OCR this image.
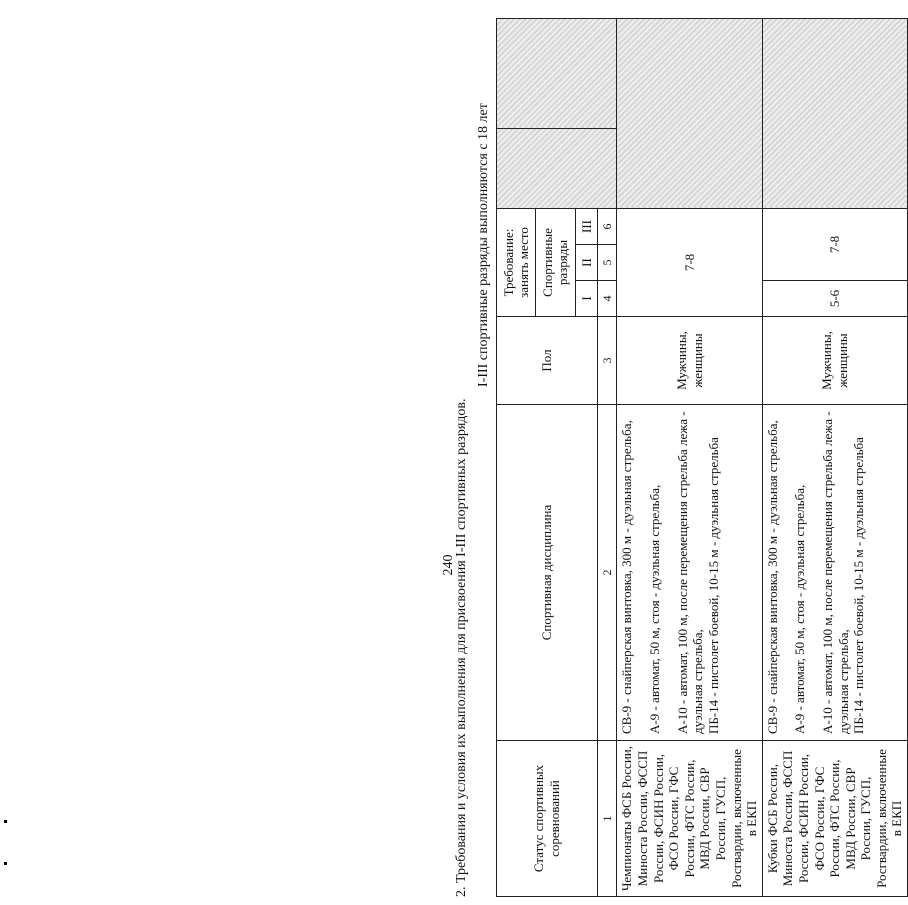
240
2. Требования и условия их выполнения для присвоения I-III спортивных разрядов.
I-III спортивные разряды выполняются с 18 лет
Статус спортивных соревнований	Спортивная дисциплина	Пол	Требование: занять место				
			Спортивные разряды				
			I	II	III		
1	2	3	4	5	6		
Чемпионаты ФСБ России, Миноста России, ФССП России, ФСИН России, ФСО России, ГФС России, ФТС России, МВД России, СВР России, ГУСП, Росгвардии, включенные в ЕКП	СВ-9 - снайперская винтовка, 300 м - дуэльная стрельба, А-9 - автомат, 50 м, стоя - дуэльная стрельба, А-10 - автомат, 100 м, после перемещения стрельба лежа - дуэльная стрельба, ПБ-14 - пистолет боевой, 10-15 м - дуэльная стрельба	Мужчины, женщины	7-8				
Кубки ФСБ России, Миноста России, ФССП России, ФСИН России, ФСО России, ГФС России, ФТС России, МВД России, СВР России, ГУСП, Росгвардии, включенные в ЕКП	СВ-9 - снайперская винтовка, 300 м - дуэльная стрельба, А-9 - автомат, 50 м, стоя - дуэльная стрельба, А-10 - автомат, 100 м, после перемещения стрельба лежа - дуэльная стрельба, ПБ-14 - пистолет боевой, 10-15 м - дуэльная стрельба	Мужчины, женщины	5-6	7-8			
